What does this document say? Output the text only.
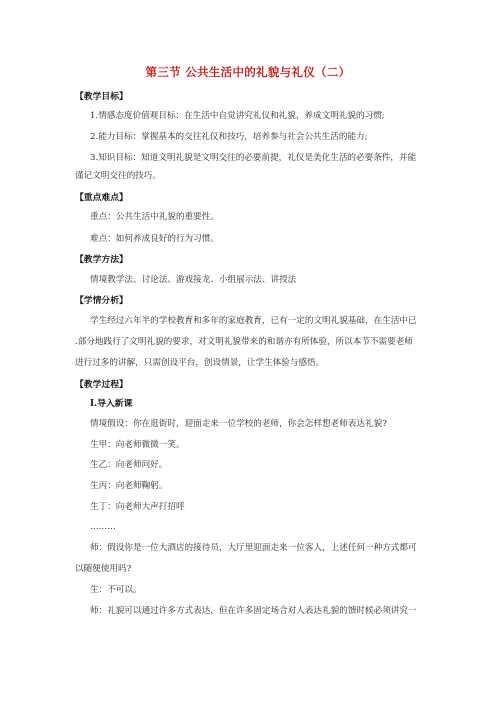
第三节 公共生活中的礼貌与礼仪（二）
【教学目标】
1.情感态度价值观目标：在生活中自觉讲究礼仪和礼貌，养成文明礼貌的习惯;
2.能力目标：掌握基本的交往礼仪和技巧，培养参与社会公共生活的能力;
3.知识目标：知道文明礼貌是文明交往的必要前提，礼仪是美化生活的必要条件，并能
谨记文明交往的技巧。
【重点难点】
重点：公共生活中礼貌的重要性。
难点：如何养成良好的行为习惯。
【教学方法】
情境教学法、讨论法、游戏接龙、小组展示法、讲授法
【学情分析】
学生经过六年半的学校教育和多年的家庭教育，已有一定的文明礼貌基础，在生活中已
.部分地践行了文明礼貌的要求，对文明礼貌带来的和谐亦有所体验，所以本节不需要老师
进行过多的讲解，只需创设平台，创设情景，让学生体验与感悟。
【教学过程】
Ⅰ.导入新课
情境假设：你在逛街时，迎面走来一位学校的老师，你会怎样想老师表达礼貌?
生甲：向老师微微一笑。
生乙：向老师问好。
生丙：向老师鞠躬。
生丁：向老师大声打招呼
………
师：假设你是一位大酒店的接待员，大厅里迎面走来一位客人，上述任何一种方式都可
以随便使用吗?
生：不可以。
师：礼貌可以通过许多方式表达，但在许多固定场合对人表达礼貌的馈时候必须讲究一
